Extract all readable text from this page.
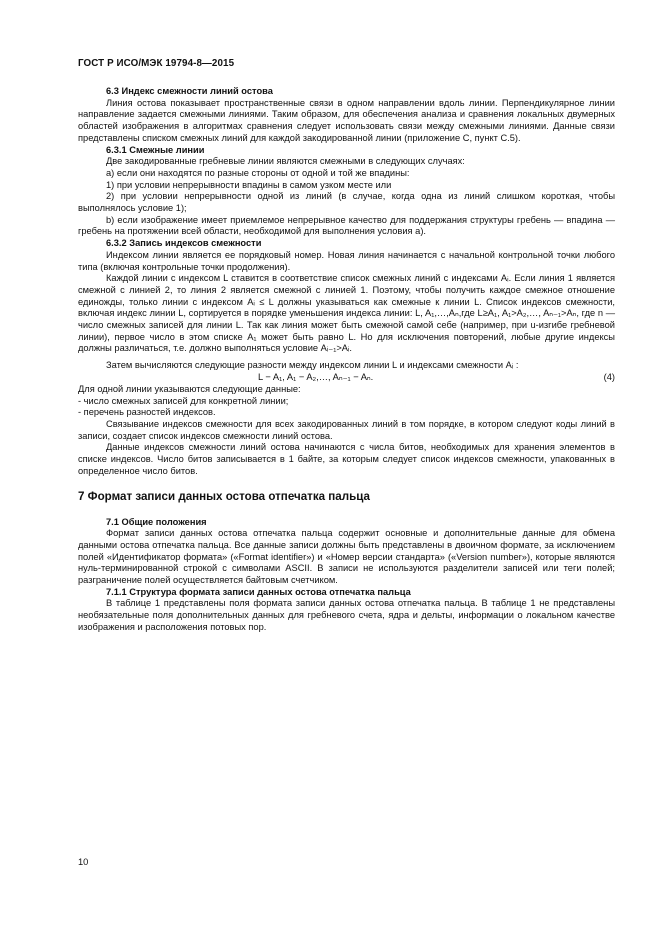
ГОСТ Р ИСО/МЭК 19794-8—2015

6.3 Индекс смежности линий остова

Линия остова показывает пространственные связи в одном направлении вдоль линии. Перпендикулярное линии направление задается смежными линиями. Таким образом, для обеспечения анализа и сравнения локальных двумерных областей изображения в алгоритмах сравнения следует использовать связи между смежными линиями. Данные связи представлены списком смежных линий для каждой закодированной линии (приложение С, пункт С.5).

6.3.1 Смежные линии

Две закодированные гребневые линии являются смежными в следующих случаях:

a) если они находятся по разные стороны от одной и той же впадины:

1) при условии непрерывности впадины в самом узком месте или

2) при условии непрерывности одной из линий (в случае, когда одна из линий слишком короткая, чтобы выполнялось условие 1);

b) если изображение имеет приемлемое непрерывное качество для поддержания структуры гребень — впадина — гребень на протяжении всей области, необходимой для выполнения условия а).

6.3.2 Запись индексов смежности

Индексом линии является ее порядковый номер. Новая линия начинается с начальной контрольной точки любого типа (включая контрольные точки продолжения).

Каждой линии с индексом L ставится в соответствие список смежных линий с индексами Aᵢ. Если линия 1 является смежной с линией 2, то линия 2 является смежной с линией 1. Поэтому, чтобы получить каждое смежное отношение единожды, только линии с индексом Aᵢ ≤ L должны указываться как смежные к линии L. Список индексов смежности, включая индекс линии L, сортируется в порядке уменьшения индекса линии: L, A₁,…,Aₙ,где L≥A₁, A₁>A₂,…, Aₙ₋₁>Aₙ, где n — число смежных записей для линии L. Так как линия может быть смежной самой себе (например, при u-изгибе гребневой линии), первое число в этом списке A₁ может быть равно L. Но для исключения повторений, любые другие индексы должны различаться, т.е. должно выполняться условие Aᵢ₋₁>Aᵢ.

Затем вычисляются следующие разности между индексом линии L и индексами смежности Aᵢ :

L − A₁, A₁ − A₂,…, Aₙ₋₁ − Aₙ.	(4)

Для одной линии указываются следующие данные:

- число смежных записей для конкретной линии;

- перечень разностей индексов.

Связывание индексов смежности для всех закодированных линий в том порядке, в котором следуют коды линий в записи, создает список индексов смежности линий остова.

Данные индексов смежности линий остова начинаются с числа битов, необходимых для хранения элементов в списке индексов. Число битов записывается в 1 байте, за которым следует список индексов смежности, упакованных в определенное число битов.

7 Формат записи данных остова отпечатка пальца

7.1 Общие положения

Формат записи данных остова отпечатка пальца содержит основные и дополнительные данные для обмена данными остова отпечатка пальца. Все данные записи должны быть представлены в двоичном формате, за исключением полей «Идентификатор формата» («Format identifier») и «Номер версии стандарта» («Version number»), которые являются нуль-терминированной строкой с символами ASCII. В записи не используются разделители записей или теги полей; разграничение полей осуществляется байтовым счетчиком.

7.1.1 Структура формата записи данных остова отпечатка пальца

В таблице 1 представлены поля формата записи данных остова отпечатка пальца. В таблице 1 не представлены необязательные поля дополнительных данных для гребневого счета, ядра и дельты, информации о локальном качестве изображения и расположения потовых пор.

10
